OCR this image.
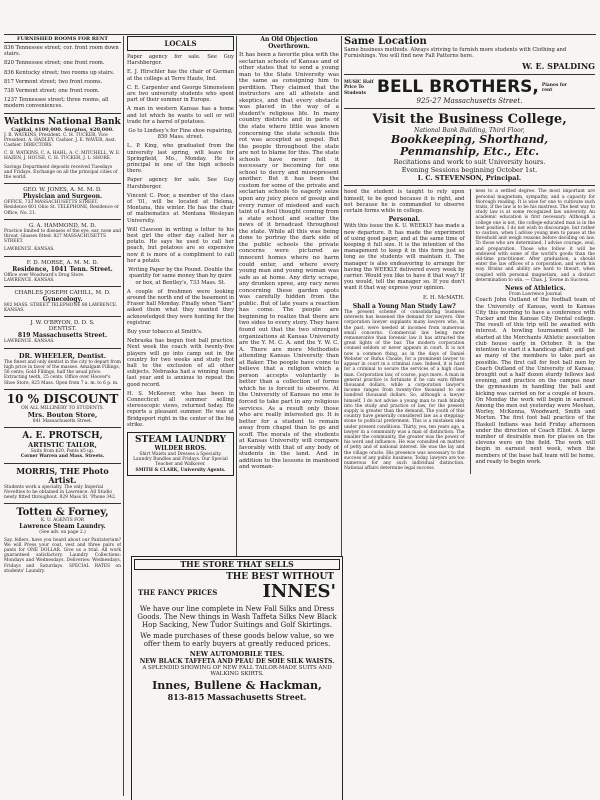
FURNISHED ROOMS FOR RENT
836 Tennessee street; cor. front room down stairs.
820 Tennessee street; one front room.
836 Kentucky street; two rooms up stairs.
817 Vermont street; two front rooms.
738 Vermont street; one front room.
1237 Tennessee street; three rooms, all modern conveniences.
Watkins National Bank
Capital, $100,000. Surplus, $20,000.
J. B. WATKINS, President. C. H. TUCKER, Vice President. A. HADLEY, Cashier. J. E. WAVER, Asst. Cashier. DIRECTORS.
C. B. WATKINS, C. A. HAHL, A. C. MITCHELL, W. E. HAZEN, J. HOUSE, C. H. TUCKER, J. L. SHORE.
Savings Department deposits received Tuesdays and Fridays. Exchange on all the principal cities of the world.
GEO. W. JONES, A. M. M. D.
Physician and Surgeon.
OFFICE, 733 MASSACHUSETTS STREET. Residence 601 Ohio St. TELEPHONE, Residence or Office, No. 21.
G. A. HAMMOND, M. D.
Practice limited to diseases of the eye, ear, nose and throat. Glasses fitted. 827 MASSACHUSETTS STREET.
LAWRENCE. KANSAS.
F. D. MORSE, A. M. M. D.
Residence, 1041 Tenn. Street.
Office over Woodward's Drug Store.
LAWRENCE. KANSAS.
CHARLES JOSEPH CAHILL, M. D.
Gynecology.
802 MASS. STREET. TELEPHONE 88 LAWRENCE. KANSAS.
J. W. O'BRYON, D. D. S.
DENTIST.
819 Massachusetts Street.
LAWRENCE. KANSAS.
DR. WHEELER, Dentist.
The finest and only dentist in the city to depart from high price in favor of the masses. Amalgam Fillings, 50 cents; Gold Fillings, half the usual price. Extracting teeth, 25 cents. Office over Hoover's Shoe Store, 825 Mass. Open from 7 a. m. to 6 p. m.
10 % DISCOUNT
ON ALL MILLINERY TO STUDENTS.
Mrs. Bouton Store,
841 Massachusetts Street.
A. E. PROTSCH,
ARTISTIC TAILOR,
Suits from $20, Pants $5 up.
Corner Warren and Mass. Streets.
MORRIS, THE Photo Artist.
Students work a specialty. The only Imperial Novelties to be obtained in Lawrence. All Studio newly fitted throughout. 829 Mass St. 'Phone 342.
Totten & Forney,
K. U. AGENTS FOR
Lawrence Steam Laundry.
(See adv. on page 2.)
Say, fellers, have you heard about our Pantatorium? We will Press your coat, vest and three pairs of pants for ONE DOLLAR. Give us a trial. All work guaranteed satisfactory. Laundry Collections: Mondays and Wednesdays. Deliveries: Wednesdays, Fridays and Saturdays. SPECIAL RATES on students' Laundry.
LOCALS
Paper agency for sale. See Guy Harshberger.
E. J. Hirschler has the chair of German at the college at Terre Haute, Ind.
C. E. Carpenter and George Simonsteen are two university students who spent part of their summer in Europe.
A man in western Kansas has a home and lot which he wants to sell or will trade for a barrel of potatoes.
Go to Lindsey's for Fine shoe repairing, 850 Mass. street.
L. P. King, who graduated from the university last spring, will leave for Springfield, Mo., Monday. He is principal in one of the high schools there.
Paper agency for sale. See Guy Harshberger.
Vincent C. Poor, a member of the class of '01, will be located at Helena, Montana, this winter. He has the chair of mathematics at Montana Wesleyan University.
Will Clawson in writing a letter to his best girl the other day called her a potato. He says he used to call her peach, but potatoes are so expensive now it is more of a compliment to call her a potato.
Writing Paper by the Pound. Double the quantity for same money than by quire or box, at Bentley's, 733 Mass. St.
A couple of freshmen were looking around the north end of the basement in Fraser hall Monday. Finally when "Sam" asked them what they wanted they acknowledged they were hunting for the registrar.
Buy your tobacco at Smith's.
Nebraska has begun foot ball practice. Next week the coach with twenty-five players will go into camp out in the country for two weeks and study foot ball to the exclusion of all other subjects. Nebraska had a winning team last year and is anxious to repeat the good record.
H. S. McKeever, who has been in Connecticut all summer selling stereoscopic views, returned today. He reports a pleasant summer. He was at Bridgeport right in the center of the big strike.
STEAM LAUNDRY
WILDER BROS.
Shirt Waists and Dresses a Specialty. Laundry Bundles and Fridays. Our Special Teacher and Walkover.
SMITH & CLARK, University Agents.
An Old Objection Overthrown.
It has been a favorite plea with the sectarian schools of Kansas and of other states that to send a young man to the State University was the same as consigning him to perdition. They claimed that the instructors are all atheists and skeptics, and that every obstacle was placed in the way of a student's religious life. In many country districts and in parts of the state where little was known concerning the state schools this rot was accepted as gospel. But the people throughout the state are not to blame for this. The state schools have never felt it necessary or becoming for one school to decry and misrepresent another. But it has been the custom for some of the private and sectarian schools to eagerly seize upon any juicy piece of gossip and every rumor of misdeed and each taint of a foul thought coming from a state school and scatter the news of it broadcast throughout the state. While all this was being done to portray the dark side of the public schools the private concerns were pictured as innocent homes where no harm could enter, and where every young man and young woman was safe as at home. Any dirty scrape, any drunken spree, any racy news concerning these garden spots was carefully hidden from the public. But of late years a reaction has come. The people are beginning to realize that there are two sides to every story. They have found out that the two strongest organizations at Kansas University are the Y. M. C. A. and the Y. W. C. A. There are more Methodists attending Kansas University than at Baker. The people have come to believe that a religion which a person accepts voluntarily is better than a collection of forms which he is forced to observe. At the University of Kansas no one is forced to take part in any religious services. As a result only those who are really interested go. It is better for a student to remain away from chapel than to go and scoff. The morals of the students at Kansas University will compare favorably with that of any body of students in the land. And in addition to the lessons in manhood and woman-
Same Location
Same business methods. Always striving to furnish more students with Clothing and Furnishings. You will find new Fall Patterns here.
W. E. SPALDING
MUSIC Half Price To Students BELL BROTHERS, Pianos for rent
925-27 Massachusetts Street.
Visit the Business College,
National Bank Building, Third Floor,
Bookkeeping, Shorthand,
Penmanship, Etc., Etc.
Recitations and work to suit University hours.
Evening Sessions beginning October 1st.
I. C. STEVENSON, Principal.
hood the student is taught to rely upon himself, to be good because it is right, and not because he is commanded to observe certain forms while in college.
Personal.
With this issue the K. U. WEEKLY has made a new departure. It has made the experiment of using good paper, and at the same time of keeping it full size. It is the intention of the management to keep it in this form just so long as the students will maintain it. The manager is also endeavoring to arrange for having the WEEKLY delivered every week by carrier. Would you like to have it that way? If you would, tell the manager so. If you don't want it that way express your opinion.
E. H. McMATH.
Shall a Young Man Study Law?
The present scheme of consolidating business interests has lessened the demand for lawyers. One corporation lawyer supplants many lawyers who, in the past, were needed at incomes from numerous small concerns. Commercial law being more remunerative than forensic law it has attracted the great lights of the bar. The modern corporation counsel seldom or never appears in court. It is not now a common thing, as in the days of Daniel Webster or Rufus Choate, for a prominent lawyer to appear in court in a criminal case. Indeed, it is hard for a criminal to secure the services of a high class man. Corporation law, of course, pays more. A man in general practice is fortunate if he can earn fifteen thousand dollars, while a corporation lawyer's income ranges from twenty-five thousand to one hundred thousand dollars. So, although a lawyer himself, I do not advise a young man to rush blindly into the study and practice of law, for the present supply is greater than the demand. The youth of this country have generally considered law as a stepping-stone to political preferment. This is a mistaken idea under present conditions. Thirty, yes, ten years ago, a lawyer in a community was a man of distinction. The smaller the community, the greater was the power of his word and influence. He was consulted on matters of petty and of national interest. He was the lay and the village oracle. His presence was necessary to the success of any public business. Today, lawyers are too numerous for any such individual distinction. National affairs determine legal success.
ness to a settled degree. The most important are personal magnetism, sympathy, and a capacity for thorough reading. It is wise for one to cultivate such traits, if the law is to be his mistress. The best way to study law is at some recognized law university. An academic education is first necessary. Although a college one is not, the college-educated man is in the best position. I do not wish to discourage, but rather to caution, when I advise young men to pause at the threshold and weigh reasons before deciding on law. To those who are determined, I advise courage, zeal, and preparation. Those who follow it will be endowed with some of the world's goods than the old-time practitioner. After graduation, a should enter the law offices of a corporation, and work his way. Brains and ability are hard to thwart, when coupled with personal magnetism, and a distinct determination to win. — Chas. J. Towne in Success.
News of Athletics.
From Lawrence Journal
Coach John Outland of the football team of the University of Kansas, went to Kansas City this morning to have a conference with Tucker and the Kansas City Dental college. The result of this trip will be awaited with interest. A bowling tournament will be started at the Merchants Athletic association club house early in October. It is the intention to start it a handicap affair, and get as many of the members to take part as possible. The first call for foot ball men by Coach Outland of the University of Kansas, brought out a half dozen sturdy fellows last evening, and practice on the campus near the gymnasium in handling the ball and kicking was carried on for a couple of hours. On Monday the work will begin in earnest. Among the men out yesterday were Meehan, Worley, McKenna, Woodward, Smith and Morton. The first foot ball practice of the Haskell Indians was held Friday afternoon under the direction of Coach Elliot. A large number of desirable men for places on the elevens were on the field. The work will begin in earnest next week, when the members of the base ball team will be home, and ready to begin work.
THE STORE THAT SELLS
THE BEST WITHOUT
THE FANCY PRICES	INNES'
We have our line complete in New Fall Silks and Dress Goods. The New things in Wash Taffeta Silks New Black Hop Sacking, New Tudor Suitings and Golf Skirtings.
We made purchases of these goods below value, so we offer them to early buyers at greatly reduced prices.
NEW AUTOMOBILE TIES.
NEW BLACK TAFFETA AND PEAU DE SOIE SILK WAISTS.
A SPLENDID SHOWING OF NEW FALL TAILOR-MADE SUITS AND WALKING SKIRTS.
Innes, Bullene & Hackman,
813-815 Massachusetts Street.
